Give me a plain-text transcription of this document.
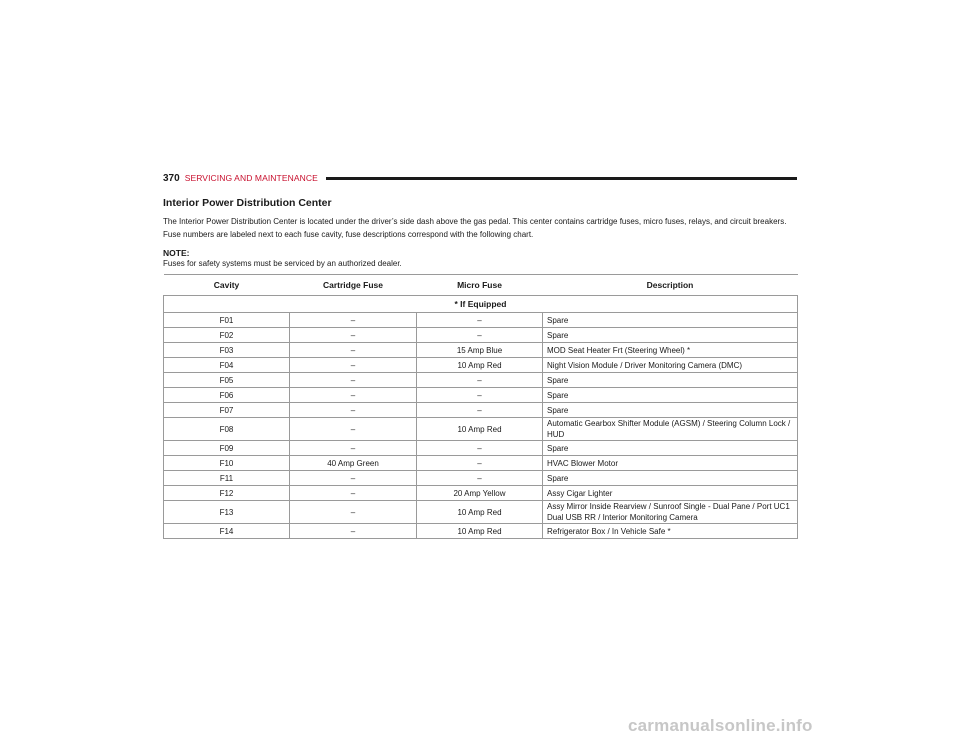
370 SERVICING AND MAINTENANCE
Interior Power Distribution Center
The Interior Power Distribution Center is located under the driver’s side dash above the gas pedal. This center contains cartridge fuses, micro fuses, relays, and circuit breakers. Fuse numbers are labeled next to each fuse cavity, fuse descriptions correspond with the following chart.
NOTE:
Fuses for safety systems must be serviced by an authorized dealer.
Cavity	Cartridge Fuse	Micro Fuse	Description
* If Equipped			
F01	–	–	Spare
F02	–	–	Spare
F03	–	15 Amp Blue	MOD Seat Heater Frt (Steering Wheel) *
F04	–	10 Amp Red	Night Vision Module / Driver Monitoring Camera (DMC)
F05	–	–	Spare
F06	–	–	Spare
F07	–	–	Spare
F08	–	10 Amp Red	Automatic Gearbox Shifter Module (AGSM) / Steering Column Lock / HUD
F09	–	–	Spare
F10	40 Amp Green	–	HVAC Blower Motor
F11	–	–	Spare
F12	–	20 Amp Yellow	Assy Cigar Lighter
F13	–	10 Amp Red	Assy Mirror Inside Rearview / Sunroof Single - Dual Pane / Port UC1 Dual USB RR / Interior Monitoring Camera
F14	–	10 Amp Red	Refrigerator Box / In Vehicle Safe *
carmanualsonline.info
